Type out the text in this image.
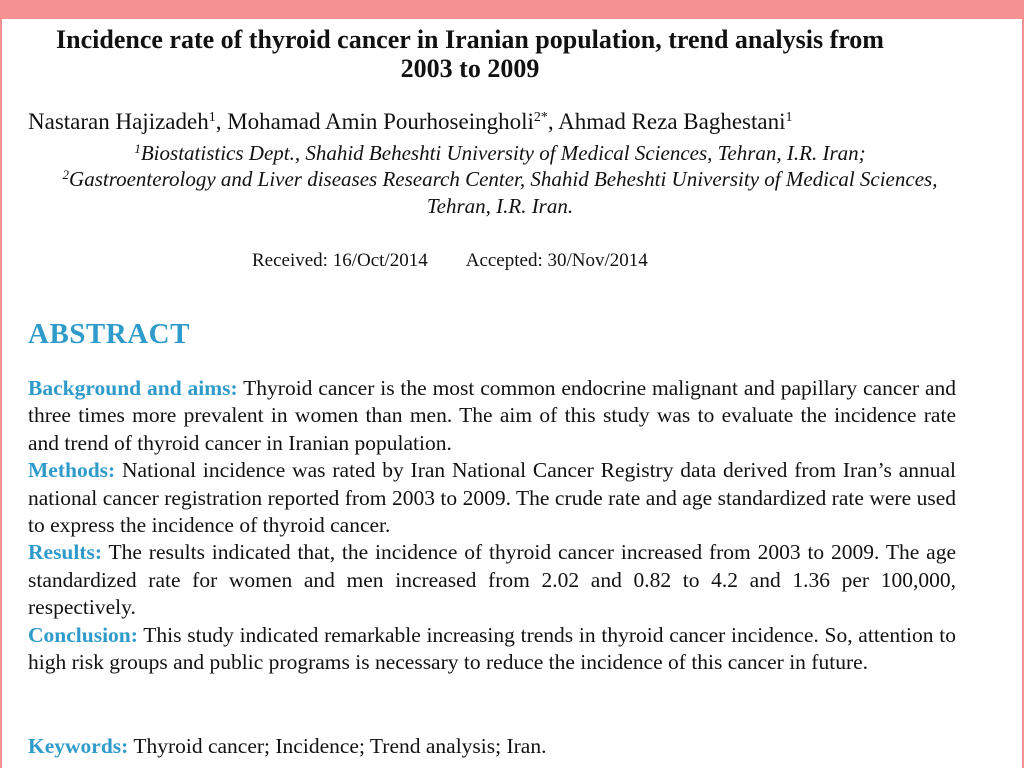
Incidence rate of thyroid cancer in Iranian population, trend analysis from 2003 to 2009
Nastaran Hajizadeh$^1$, Mohamad Amin Pourhoseingholi$^{2*}$, Ahmad Reza Baghestani$^1$
$^1$Biostatistics Dept., Shahid Beheshti University of Medical Sciences, Tehran, I.R. Iran;
$^2$Gastroenterology and Liver diseases Research Center, Shahid Beheshti University of Medical Sciences, Tehran, I.R. Iran.
Received: 16/Oct/2014 Accepted: 30/Nov/2014
ABSTRACT

Background and aims: Thyroid cancer is the most common endocrine malignant and papillary cancer and three times more prevalent in women than men. The aim of this study was to evaluate the incidence rate and trend of thyroid cancer in Iranian population.

Methods: National incidence was rated by Iran National Cancer Registry data derived from Iran’s annual national cancer registration reported from 2003 to 2009. The crude rate and age standardized rate were used to express the incidence of thyroid cancer.

Results: The results indicated that, the incidence of thyroid cancer increased from 2003 to 2009. The age standardized rate for women and men increased from 2.02 and 0.82 to 4.2 and 1.36 per 100,000, respectively.

Conclusion: This study indicated remarkable increasing trends in thyroid cancer incidence. So, attention to high risk groups and public programs is necessary to reduce the incidence of this cancer in future.

Keywords: Thyroid cancer; Incidence; Trend analysis; Iran.
